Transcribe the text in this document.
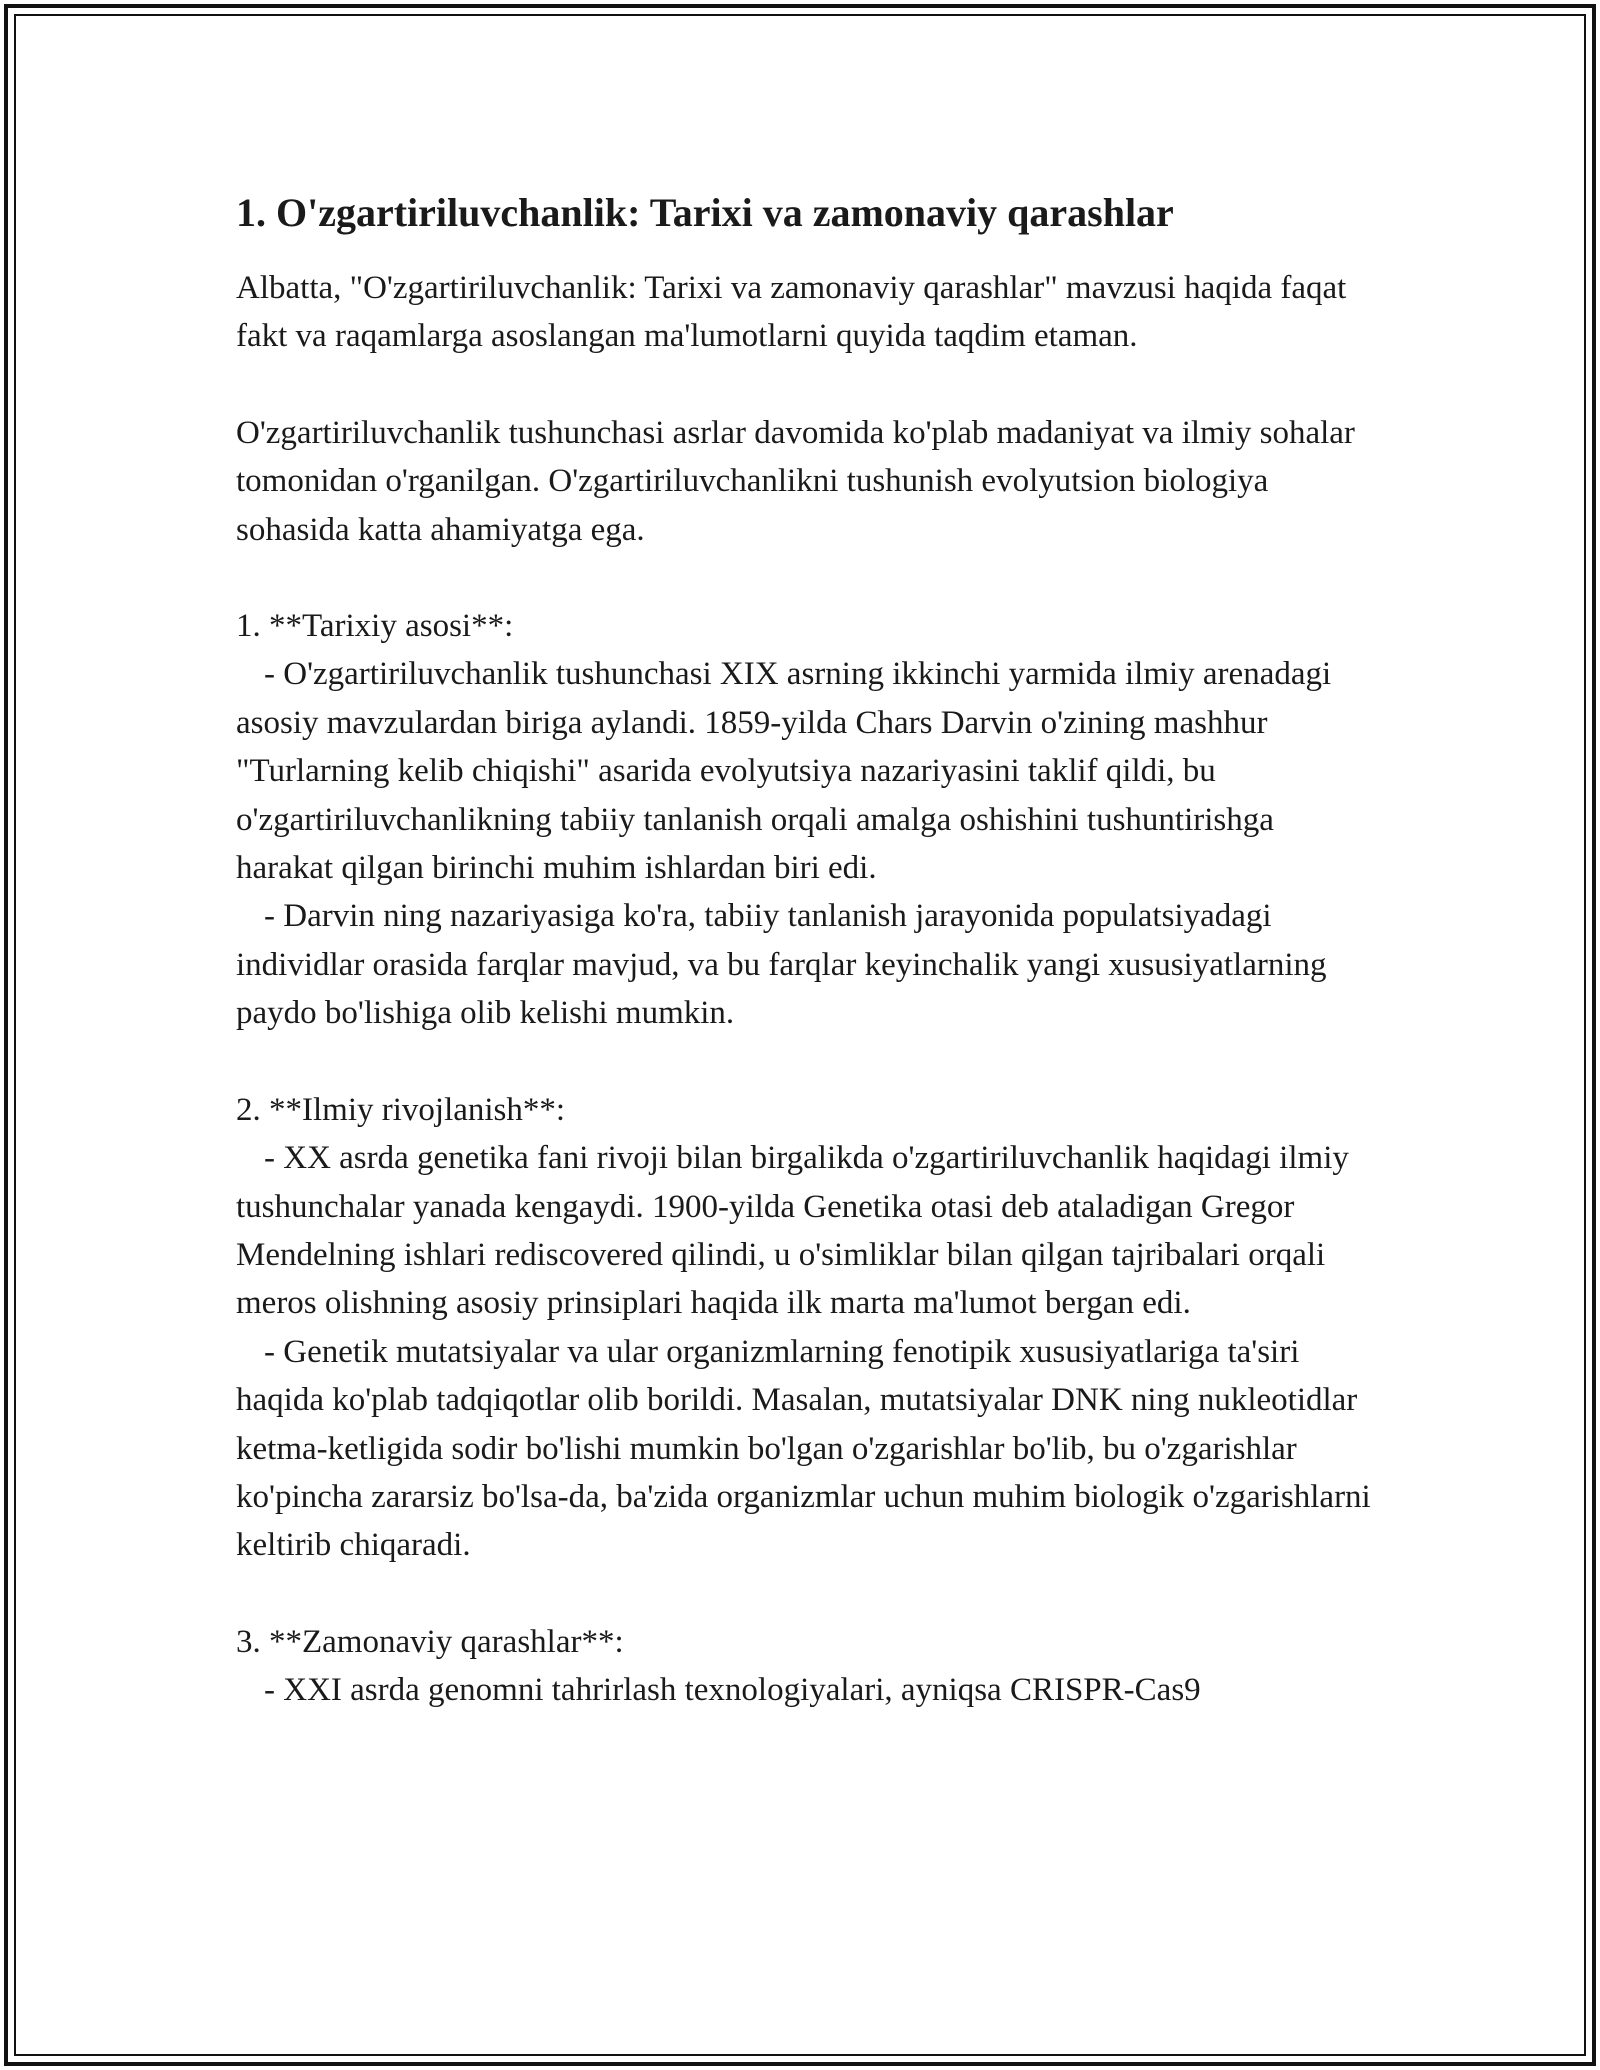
1. O'zgartiriluvchanlik: Tarixi va zamonaviy qarashlar

Albatta, "O'zgartiriluvchanlik: Tarixi va zamonaviy qarashlar" mavzusi haqida faqat fakt va raqamlarga asoslangan ma'lumotlarni quyida taqdim etaman.

O'zgartiriluvchanlik tushunchasi asrlar davomida ko'plab madaniyat va ilmiy sohalar tomonidan o'rganilgan. O'zgartiriluvchanlikni tushunish evolyutsion biologiya sohasida katta ahamiyatga ega.

1. **Tarixiy asosi**:

- O'zgartiriluvchanlik tushunchasi XIX asrning ikkinchi yarmida ilmiy arenadagi asosiy mavzulardan biriga aylandi. 1859-yilda Chars Darvin o'zining mashhur "Turlarning kelib chiqishi" asarida evolyutsiya nazariyasini taklif qildi, bu o'zgartiriluvchanlikning tabiiy tanlanish orqali amalga oshishini tushuntirishga harakat qilgan birinchi muhim ishlardan biri edi.

- Darvin ning nazariyasiga ko'ra, tabiiy tanlanish jarayonida populatsiyadagi individlar orasida farqlar mavjud, va bu farqlar keyinchalik yangi xususiyatlarning paydo bo'lishiga olib kelishi mumkin.

2. **Ilmiy rivojlanish**:

- XX asrda genetika fani rivoji bilan birgalikda o'zgartiriluvchanlik haqidagi ilmiy tushunchalar yanada kengaydi. 1900-yilda Genetika otasi deb ataladigan Gregor Mendelning ishlari rediscovered qilindi, u o'simliklar bilan qilgan tajribalari orqali meros olishning asosiy prinsiplari haqida ilk marta ma'lumot bergan edi.

- Genetik mutatsiyalar va ular organizmlarning fenotipik xususiyatlariga ta'siri haqida ko'plab tadqiqotlar olib borildi. Masalan, mutatsiyalar DNK ning nukleotidlar ketma-ketligida sodir bo'lishi mumkin bo'lgan o'zgarishlar bo'lib, bu o'zgarishlar ko'pincha zararsiz bo'lsa-da, ba'zida organizmlar uchun muhim biologik o'zgarishlarni keltirib chiqaradi.

3. **Zamonaviy qarashlar**:

- XXI asrda genomni tahrirlash texnologiyalari, ayniqsa CRISPR-Cas9
